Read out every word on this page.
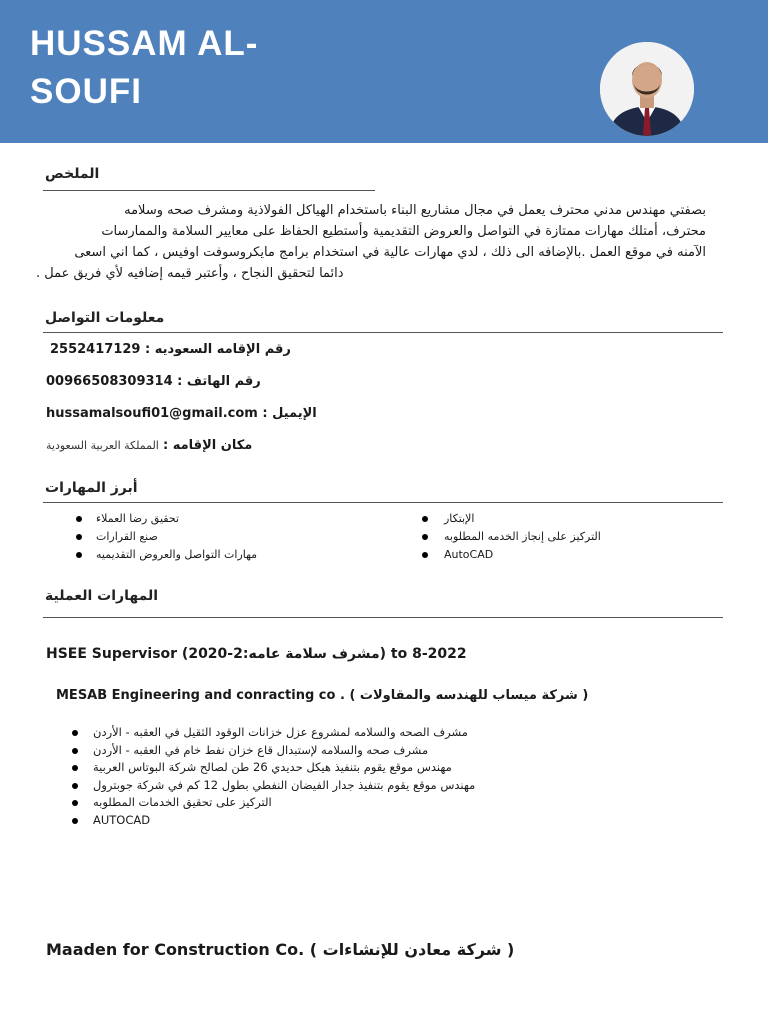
HUSSAM AL-
SOUFI
الملخص
بصفتي مهندس مدني محترف يعمل في مجال مشاريع البناء باستخدام الهياكل الفولاذية ومشرف صحه وسلامه
محترف، أمتلك مهارات ممتازة في التواصل والعروض التقديمية وأستطيع الحفاظ على معايير السلامة والممارسات
الآمنه في موقع العمل .بالإضافه الى ذلك ، لدي مهارات عالية في استخدام برامج مايكروسوفت اوفيس ، كما اني اسعى
دائما لتحقيق النجاح ، وأعتبر قيمه إضافيه لأي فريق عمل .
معلومات التواصل
رقم الإقامه السعوديه : 2552417129
رقم الهاتف : 00966508309314
الإيميل : hussamalsoufi01@gmail.com
مكان الإقامه : المملكة العربية السعودية
أبرز المهارات
تحقيق رضا العملاء
صنع القرارات
مهارات التواصل والعروض التقديميه
الإبتكار
التركيز على إنجاز الخدمه المطلوبه
AutoCAD
المهارات العملية
HSEE Supervisor (2020-2:مشرف سلامة عامه) to 8-2022
MESAB Engineering and conracting co . ( شركة ميساب للهندسه والمقاولات )
مشرف الصحه والسلامه لمشروع عزل خزانات الوقود الثقيل في العقبه - الأردن
مشرف صحه والسلامه لإستبدال قاع خزان نفط خام في العقبه - الأردن
مهندس موقع يقوم بتنفيذ هيكل حديدي 26 طن لصالح شركة البوتاس العربية
مهندس موقع يقوم بتنفيذ جدار الفيضان النفطي بطول 12 كم في شركة جوبترول
التركيز على تحقيق الخدمات المطلوبه
AUTOCAD
Maaden for Construction Co. ( شركة معادن للإنشاءات )
